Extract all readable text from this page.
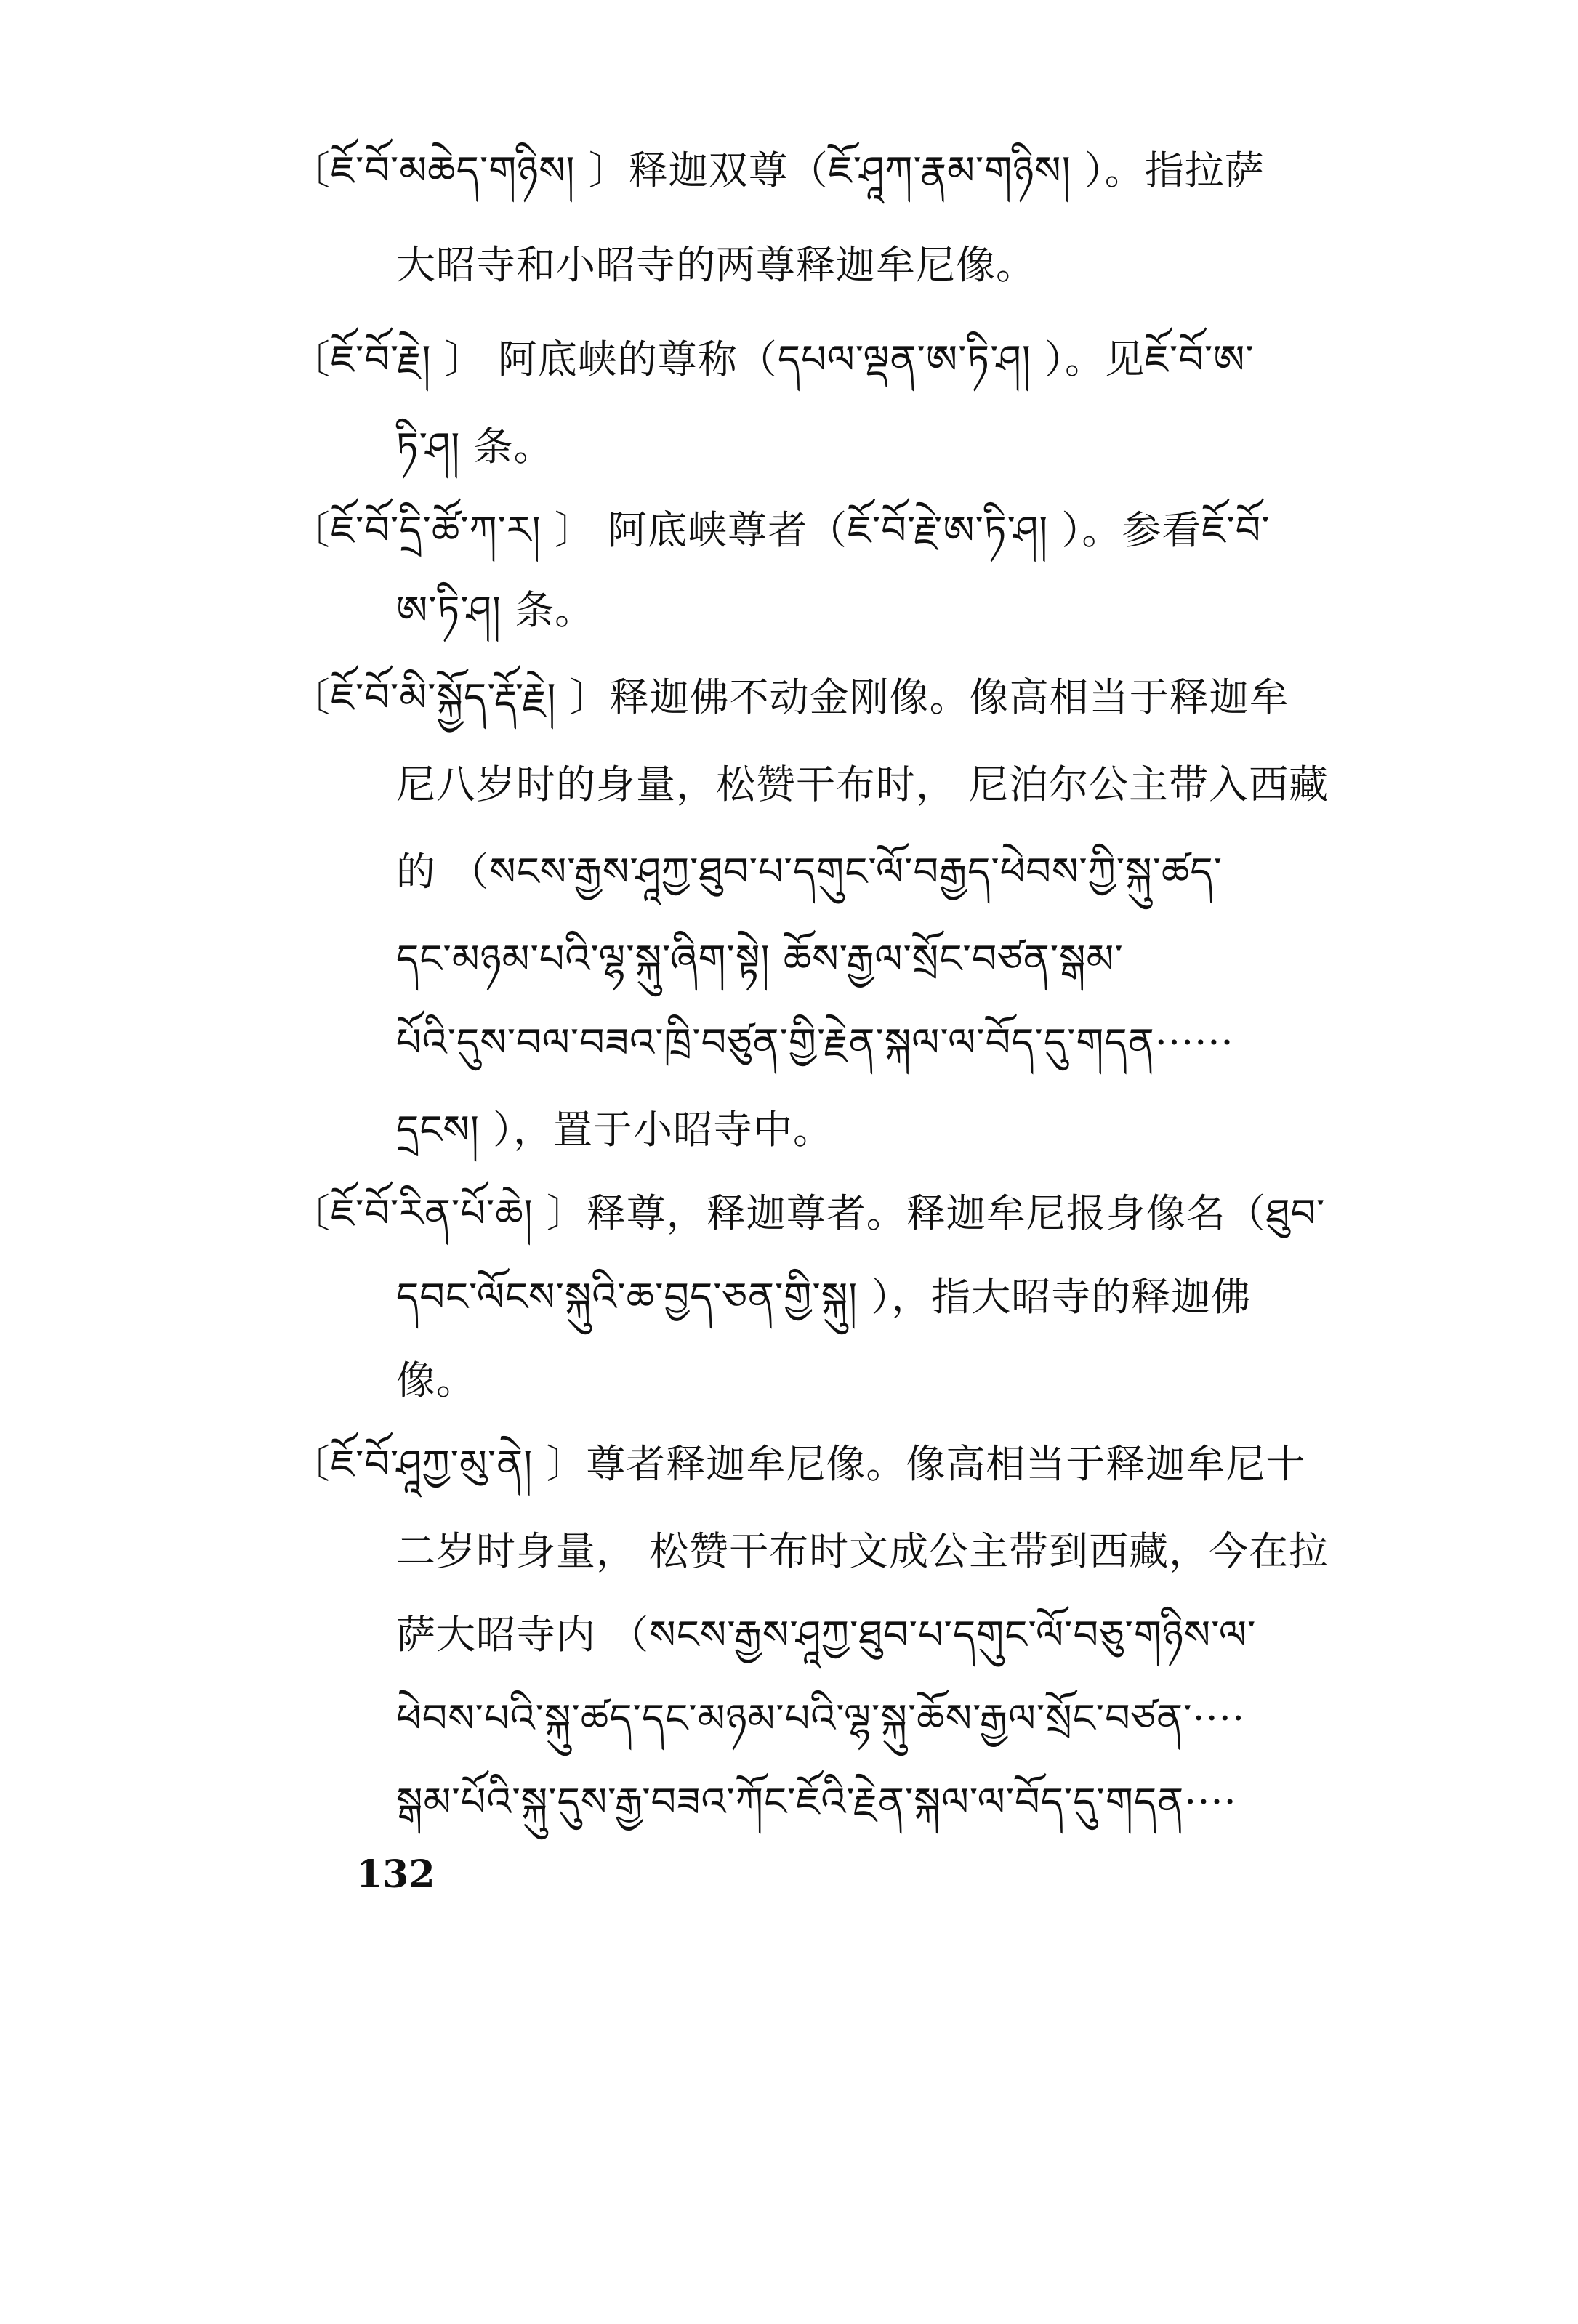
〔ཇོ་བོ་མཆེད་གཉིས། 〕释迦双尊（ཇོ་ཤཱཀ་རྣམ་གཉིས། ）。指拉萨
大昭寺和小昭寺的两尊释迦牟尼像。
〔ཇོ་བོ་རྗེ། 〕 阿底峡的尊称（དཔལ་ལྡན་ཨ་ཏི་ཤ། ）。见ཇོ་བོ་ཨ་
ཏི་ཤ། 条。
〔ཇོ་བོ་དྲི་ཚོ་ཀ་ར། 〕 阿底峡尊者（ཇོ་བོ་རྗེ་ཨ་ཏི་ཤ། ）。参看ཇོ་བོ་
ཨ་ཏི་ཤ། 条。
〔ཇོ་བོ་མི་སྐྱོད་རྡོ་རྗེ། 〕释迦佛不动金刚像。像高相当于释迦牟
尼八岁时的身量，松赞干布时， 尼泊尔公主带入西藏
的 （སངས་རྒྱས་ཤཱཀྱ་ཐུབ་པ་དགུང་ལོ་བརྒྱད་ཕེབས་ཀྱི་སྐུ་ཚད་
དང་མཉམ་པའི་ལྷ་སྐུ་ཞིག་སྟེ། ཆོས་རྒྱལ་སྲོང་བཙན་སྒམ་
པོའི་དུས་བལ་བཟའ་ཁྲི་བཙུན་གྱི་རྗེན་སྐལ་ལ་བོད་དུ་གདན······
དྲངས། ），置于小昭寺中。
〔ཇོ་བོ་རིན་པོ་ཆེ། 〕释尊，释迦尊者。释迦牟尼报身像名（ཐུབ་
དབང་ལོངས་སྐུའི་ཆ་བྱད་ཅན་གྱི་སྐུ། ），指大昭寺的释迦佛
像。
〔ཇོ་བོ་ཤཱཀྱ་མུ་ནེ། 〕尊者释迦牟尼像。像高相当于释迦牟尼十
二岁时身量， 松赞干布时文成公主带到西藏，今在拉
萨大昭寺内 （སངས་རྒྱས་ཤཱཀྱ་ཐུབ་པ་དགུང་ལོ་བཅུ་གཉིས་ལ་
ཕེབས་པའི་སྐུ་ཚད་དང་མཉམ་པའི་ལྷ་སྐུ་ཆོས་རྒྱལ་སྲོང་བཙན་····
སྒམ་པོའི་སྐུ་དུས་རྒྱ་བཟའ་ཀོང་ཇོའི་རྗེན་སྐལ་ལ་བོད་དུ་གདན····
132
